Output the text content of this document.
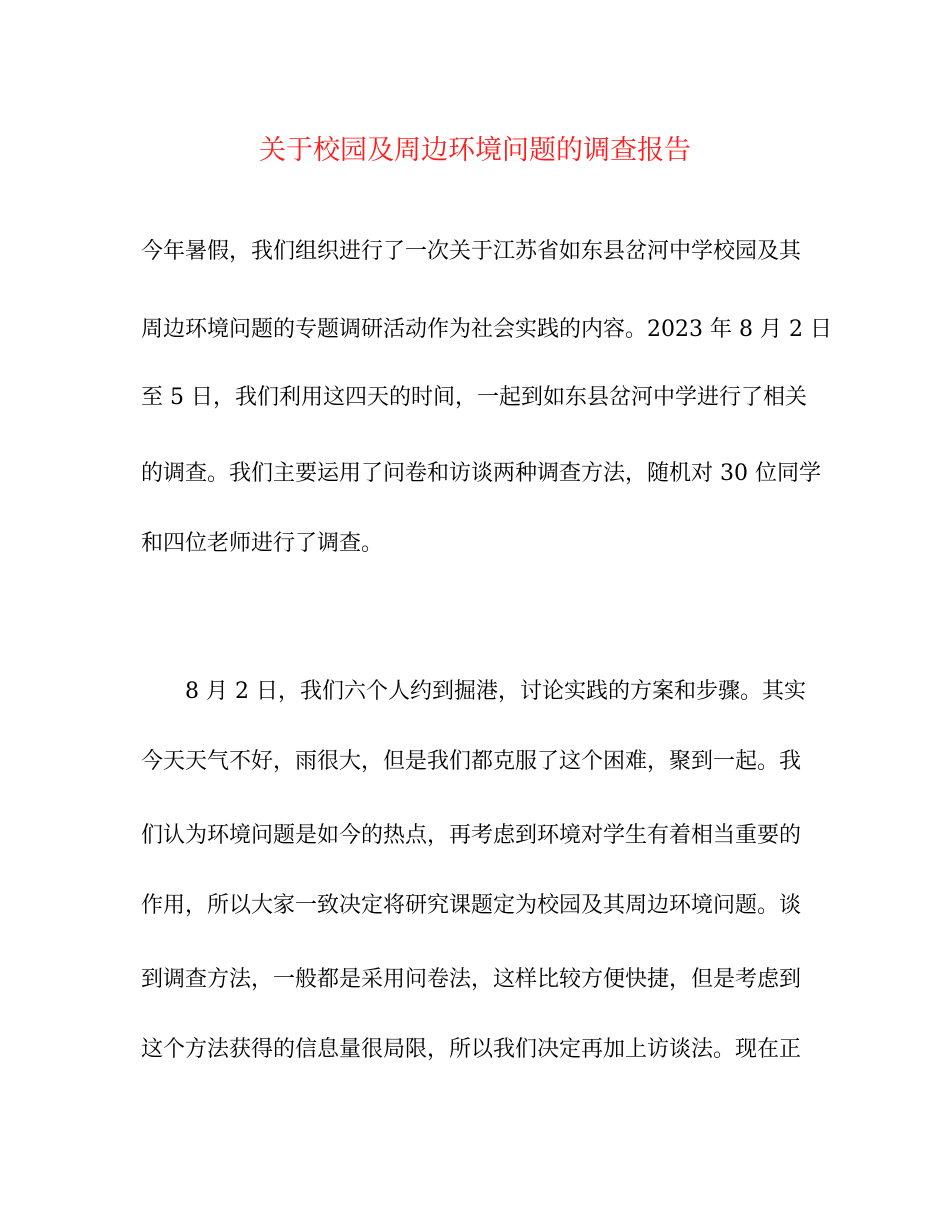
关于校园及周边环境问题的调查报告
今年暑假，我们组织进行了一次关于江苏省如东县岔河中学校园及其
周边环境问题的专题调研活动作为社会实践的内容。2023 年 8 月 2 日
至 5 日，我们利用这四天的时间，一起到如东县岔河中学进行了相关
的调查。我们主要运用了问卷和访谈两种调查方法，随机对 30 位同学
和四位老师进行了调查。
8 月 2 日，我们六个人约到掘港，讨论实践的方案和步骤。其实
今天天气不好，雨很大，但是我们都克服了这个困难，聚到一起。我
们认为环境问题是如今的热点，再考虑到环境对学生有着相当重要的
作用，所以大家一致决定将研究课题定为校园及其周边环境问题。谈
到调查方法，一般都是采用问卷法，这样比较方便快捷，但是考虑到
这个方法获得的信息量很局限，所以我们决定再加上访谈法。现在正
